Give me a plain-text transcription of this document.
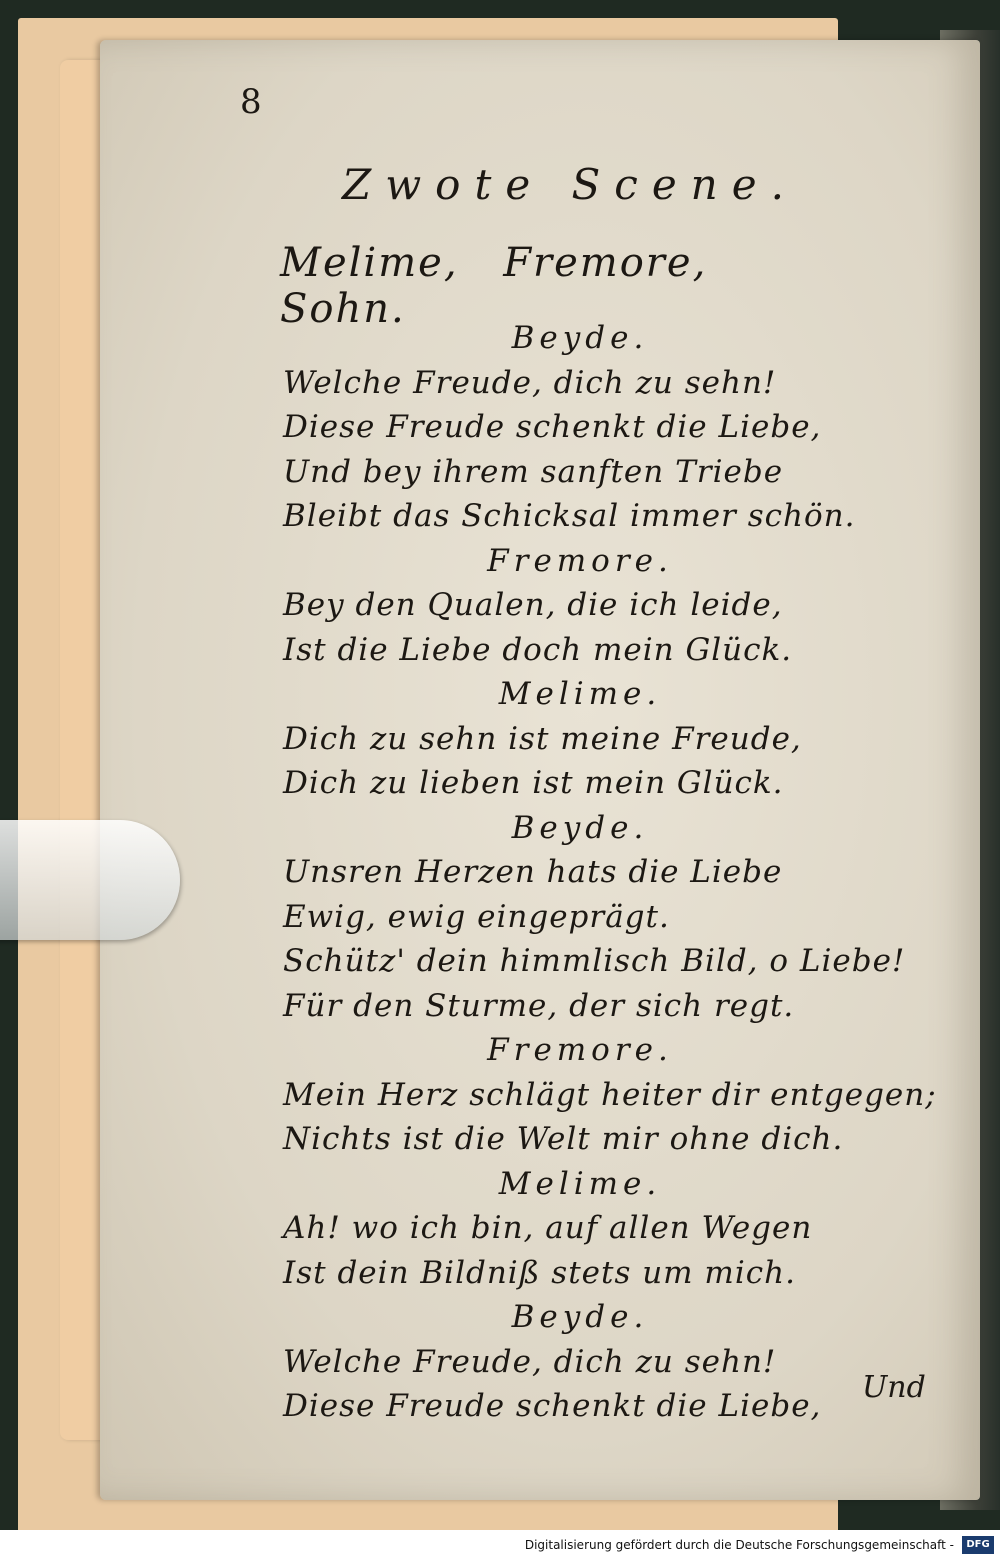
8
Zwote Scene.
Melime, Fremore, Sohn.
Beyde.
Welche Freude, dich zu sehn!
Diese Freude schenkt die Liebe,
Und bey ihrem sanften Triebe
Bleibt das Schicksal immer schön.
Fremore.
Bey den Qualen, die ich leide,
Ist die Liebe doch mein Glück.
Melime.
Dich zu sehn ist meine Freude,
Dich zu lieben ist mein Glück.
Beyde.
Unsren Herzen hats die Liebe
Ewig, ewig eingeprägt.
Schütz' dein himmlisch Bild, o Liebe!
Für den Sturme, der sich regt.
Fremore.
Mein Herz schlägt heiter dir entgegen;
Nichts ist die Welt mir ohne dich.
Melime.
Ah! wo ich bin, auf allen Wegen
Ist dein Bildniß stets um mich.
Beyde.
Welche Freude, dich zu sehn!
Diese Freude schenkt die Liebe,
Und
Digitalisierung gefördert durch die Deutsche Forschungsgemeinschaft -	DFG
